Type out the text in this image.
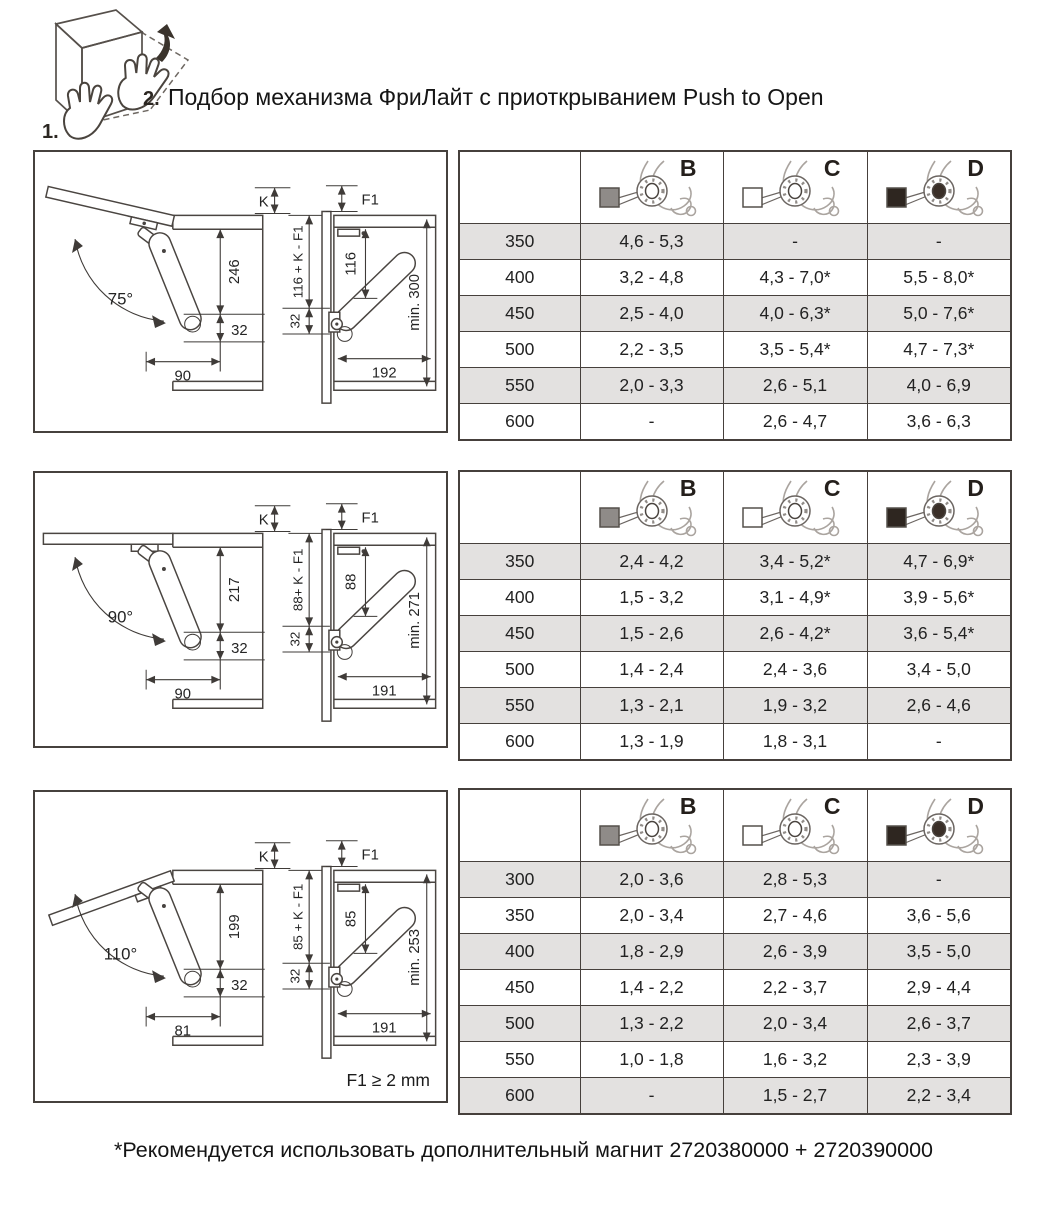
1.
2. Подбор механизма ФриЛайт с приоткрыванием Push to Open
75°
K
246
32
90
F1
116 + K - F1
32
116
min. 300
192

	B	C	D

350	4,6 - 5,3	-	-
400	3,2 - 4,8	4,3 - 7,0*	5,5 - 8,0*
450	2,5 - 4,0	4,0 - 6,3*	5,0 - 7,6*
500	2,2 - 3,5	3,5 - 5,4*	4,7 - 7,3*
550	2,0 - 3,3	2,6 - 5,1	4,0 - 6,9
600	-	2,6 - 4,7	3,6 - 6,3
90°
K
217
32
90
F1
88+ K - F1
32
88
min. 271
191

	B	C	D

350	2,4 - 4,2	3,4 - 5,2*	4,7 - 6,9*
400	1,5 - 3,2	3,1 - 4,9*	3,9 - 5,6*
450	1,5 - 2,6	2,6 - 4,2*	3,6 - 5,4*
500	1,4 - 2,4	2,4 - 3,6	3,4 - 5,0
550	1,3 - 2,1	1,9 - 3,2	2,6 - 4,6
600	1,3 - 1,9	1,8 - 3,1	-
110°
K
199
32
81
F1
85 + K - F1
32
85
min. 253
191
F1 ≥ 2 mm

	B	C	D

300	2,0 - 3,6	2,8 - 5,3	-
350	2,0 - 3,4	2,7 - 4,6	3,6 - 5,6
400	1,8 - 2,9	2,6 - 3,9	3,5 - 5,0
450	1,4 - 2,2	2,2 - 3,7	2,9 - 4,4
500	1,3 - 2,2	2,0 - 3,4	2,6 - 3,7
550	1,0 - 1,8	1,6 - 3,2	2,3 - 3,9
600	-	1,5 - 2,7	2,2 - 3,4
*Рекомендуется использовать дополнительный магнит 2720380000 + 2720390000
